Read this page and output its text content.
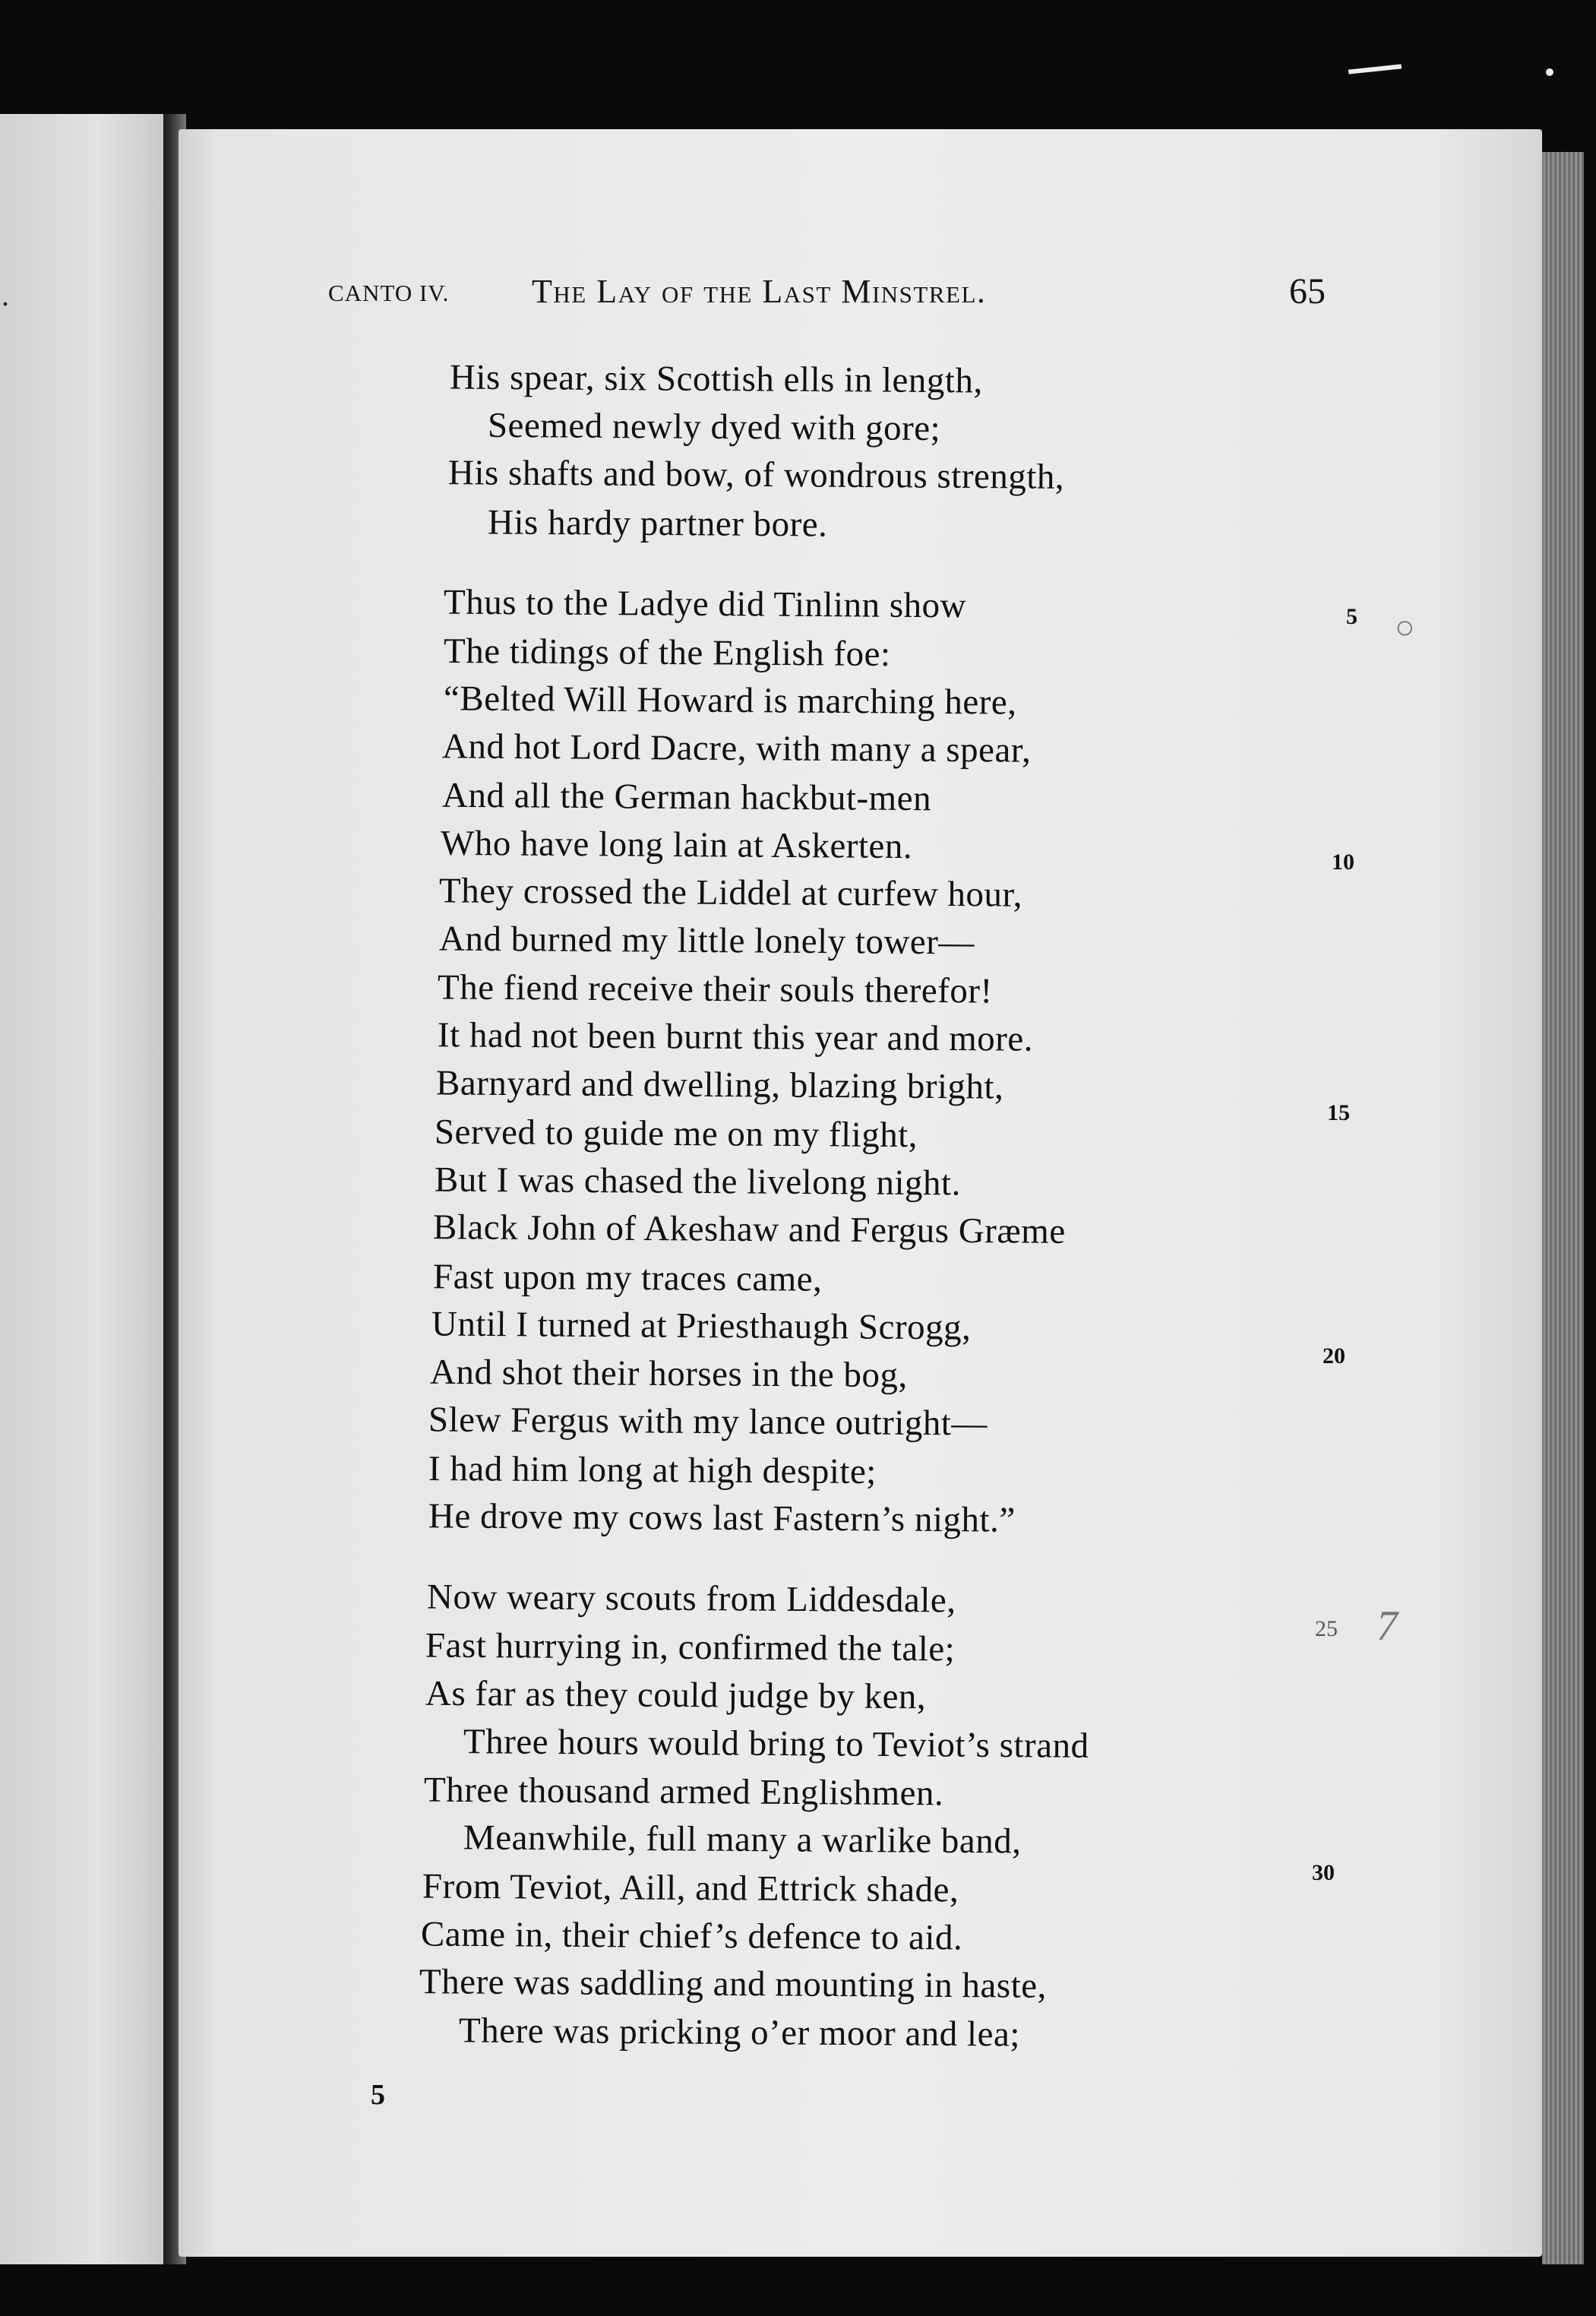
.	CANTO IV. The Lay of the Last Minstrel.	65
His spear, six Scottish ells in length,
Seemed newly dyed with gore;
His shafts and bow, of wondrous strength,
His hardy partner bore.
Thus to the Ladye did Tinlinn show
The tidings of the English foe:
“Belted Will Howard is marching here,
And hot Lord Dacre, with many a spear,
And all the German hackbut-men
Who have long lain at Askerten.
They crossed the Liddel at curfew hour,
And burned my little lonely tower—
The fiend receive their souls therefor!
It had not been burnt this year and more.
Barnyard and dwelling, blazing bright,
Served to guide me on my flight,
But I was chased the livelong night.
Black John of Akeshaw and Fergus Græme
Fast upon my traces came,
Until I turned at Priesthaugh Scrogg,
And shot their horses in the bog,
Slew Fergus with my lance outright—
I had him long at high despite;
He drove my cows last Fastern’s night.”
Now weary scouts from Liddesdale,
Fast hurrying in, confirmed the tale;
As far as they could judge by ken,
Three hours would bring to Teviot’s strand
Three thousand armed Englishmen.
Meanwhile, full many a warlike band,
From Teviot, Aill, and Ettrick shade,
Came in, their chief’s defence to aid.
There was saddling and mounting in haste,
There was pricking o’er moor and lea;
5
10
15
20
25
30
○
7
5
